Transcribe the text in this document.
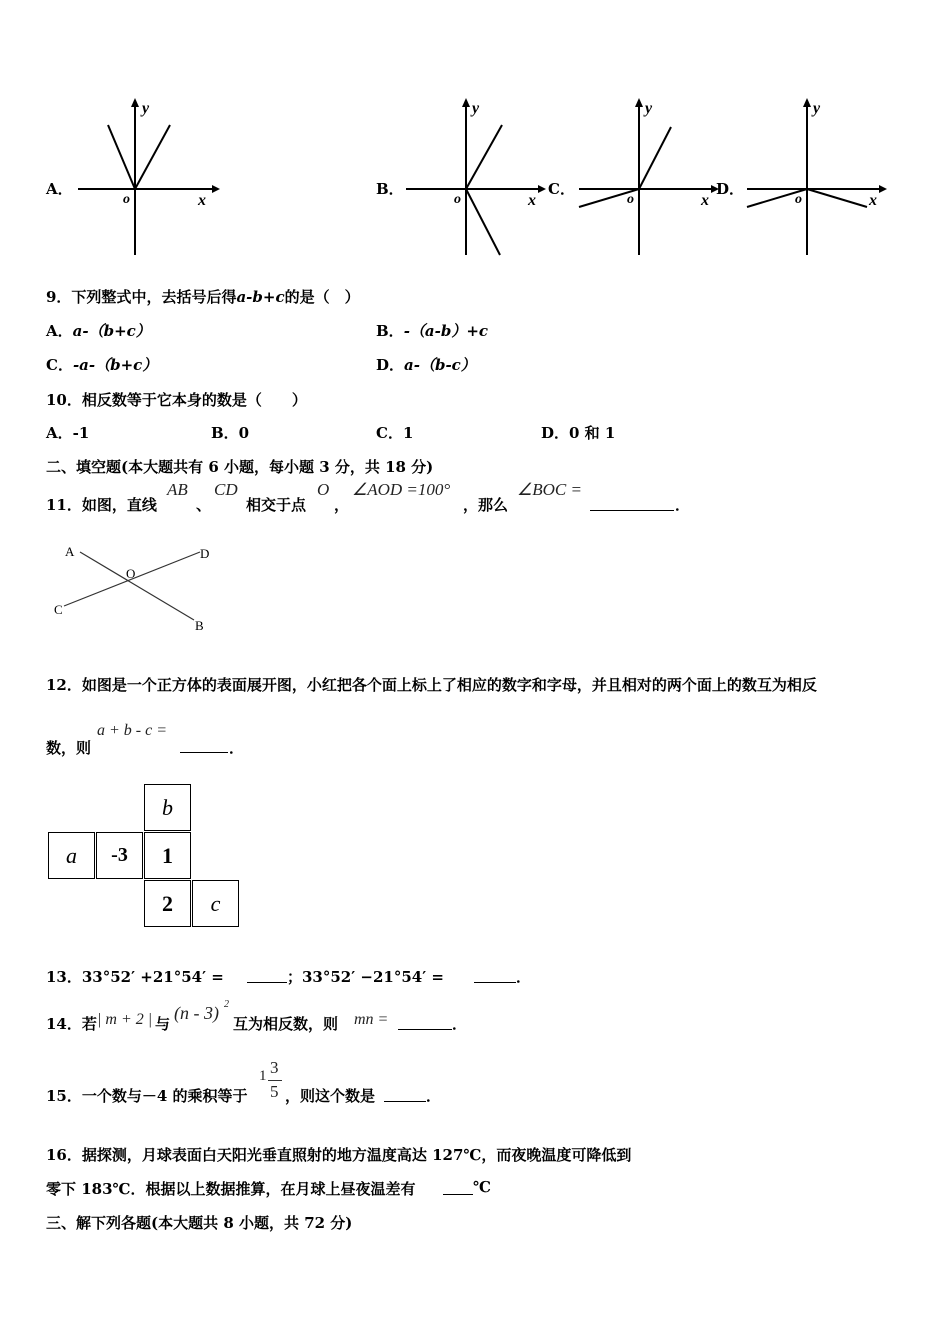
A．
x
y
o
B．
x
y
o
C．
x
y
o
D．
x
y
o
9．下列整式中，去括号后得a-b+c的是（　）
A．a-（b+c）	B．-（a-b）+c
C．-a-（b+c）	D．a-（b-c）
10．相反数等于它本身的数是（　　）
A．-1	B．0	C．1	D．0 和 1
二、填空题(本大题共有 6 小题，每小题 3 分，共 18 分)
11．如图，直线
AB
、
CD
相交于点
O
，
∠AOD =100°
，那么
∠BOC =
．
A	D
O
C
B
12．如图是一个正方体的表面展开图，小红把各个面上标上了相应的数字和字母，并且相对的两个面上的数互为相反
数，则
a + b - c =
．
b
a	-3	1
2	c
13．33°52′ +21°54′ =	；33°52′ −21°54′ =	．
14．若 | m + 2 | 与
(n - 3) 2
互为相反数，则 mn =	．
15．一个数与－4 的乘积等于
1 3
5 ，则这个数是	．
16．据探测，月球表面白天阳光垂直照射的地方温度高达 127℃，而夜晚温度可降低到
零下 183℃．根据以上数据推算，在月球上昼夜温差有	℃
三、解下列各题(本大题共 8 小题，共 72 分)
